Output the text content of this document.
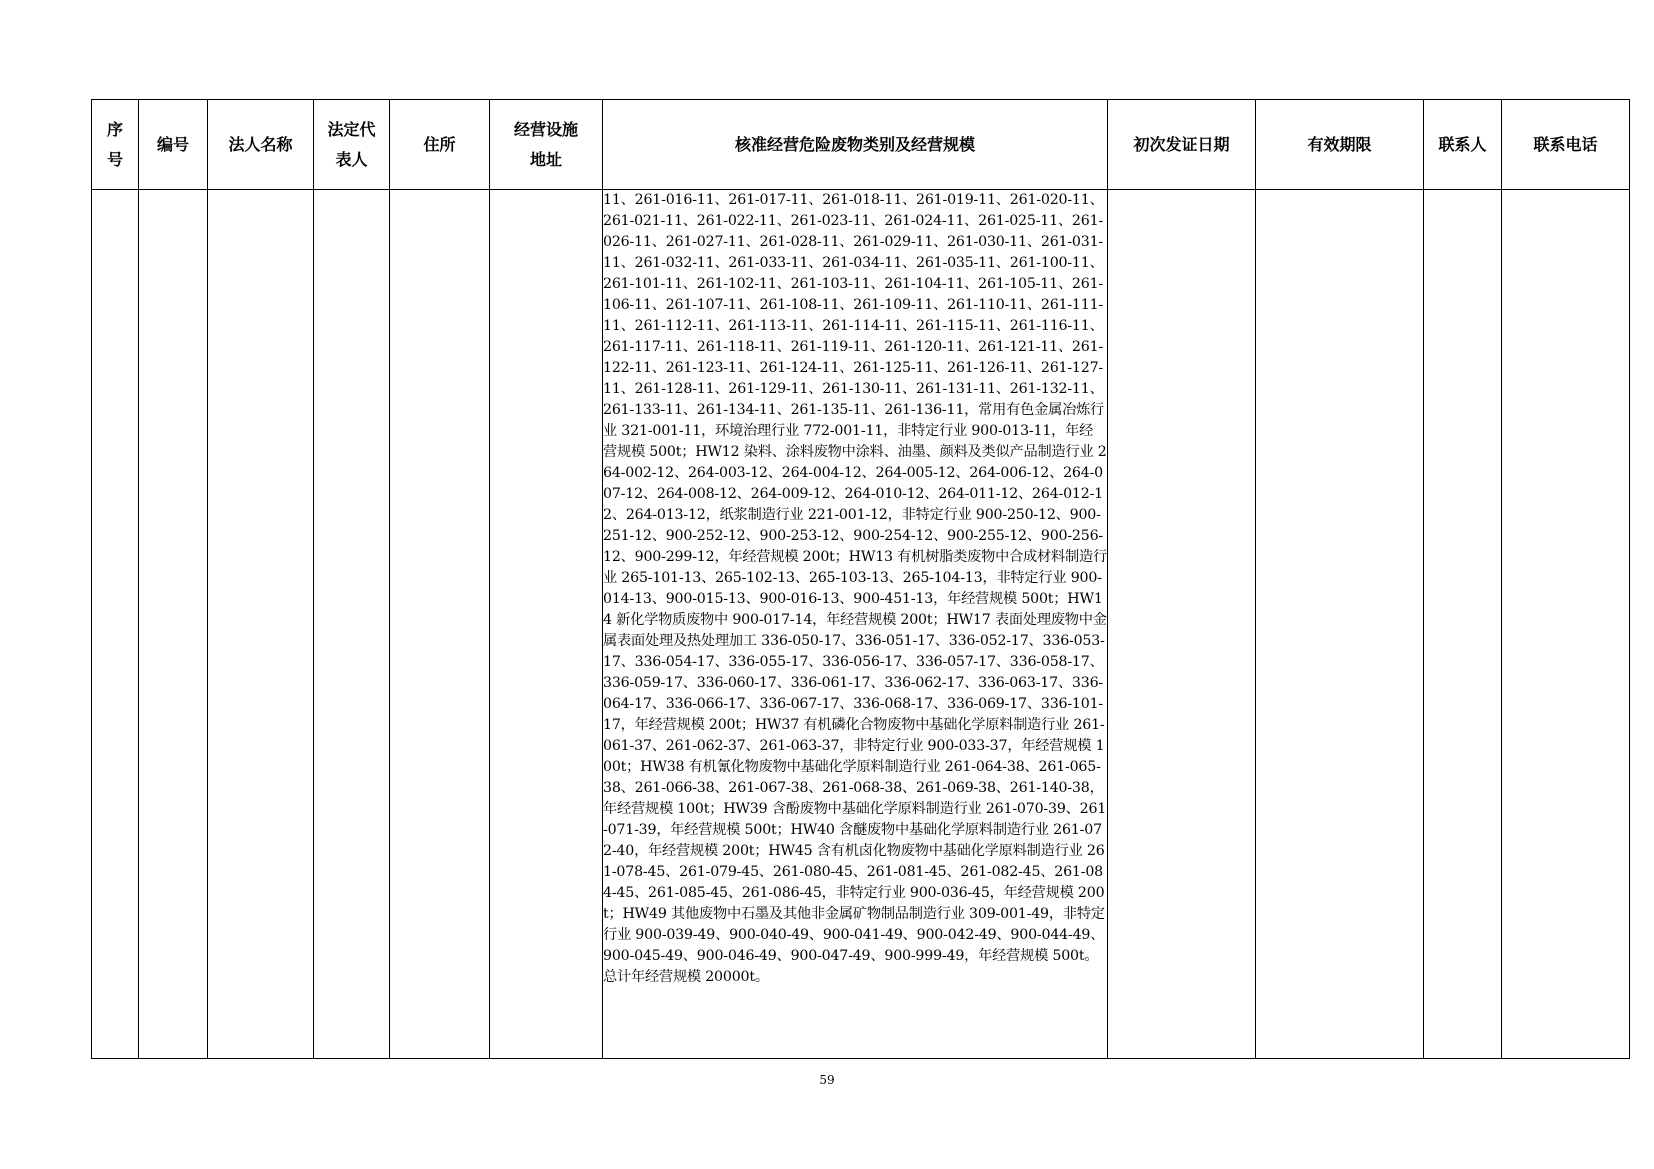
序号	编号	法人名称	法定代表人	住所	经营设施地址	核准经营危险废物类别及经营规模	初次发证日期	有效期限	联系人	联系电话

						11、261-016-11、261-017-11、261-018-11、261-019-11、261-020-11、261-021-11、261-022-11、261-023-11、261-024-11、261-025-11、261-026-11、261-027-11、261-028-11、261-029-11、261-030-11、261-031-11、261-032-11、261-033-11、261-034-11、261-035-11、261-100-11、261-101-11、261-102-11、261-103-11、261-104-11、261-105-11、261-106-11、261-107-11、261-108-11、261-109-11、261-110-11、261-111-11、261-112-11、261-113-11、261-114-11、261-115-11、261-116-11、261-117-11、261-118-11、261-119-11、261-120-11、261-121-11、261-122-11、261-123-11、261-124-11、261-125-11、261-126-11、261-127-11、261-128-11、261-129-11、261-130-11、261-131-11、261-132-11、261-133-11、261-134-11、261-135-11、261-136-11，常用有色金属冶炼行业 321-001-11，环境治理行业 772-001-11，非特定行业 900-013-11，年经营规模 500t；HW12 染料、涂料废物中涂料、油墨、颜料及类似产品制造行业 264-002-12、264-003-12、264-004-12、264-005-12、264-006-12、264-007-12、264-008-12、264-009-12、264-010-12、264-011-12、264-012-12、264-013-12，纸浆制造行业 221-001-12，非特定行业 900-250-12、900-251-12、900-252-12、900-253-12、900-254-12、900-255-12、900-256-12、900-299-12，年经营规模 200t；HW13 有机树脂类废物中合成材料制造行业 265-101-13、265-102-13、265-103-13、265-104-13，非特定行业 900-014-13、900-015-13、900-016-13、900-451-13，年经营规模 500t；HW14 新化学物质废物中 900-017-14，年经营规模 200t；HW17 表面处理废物中金属表面处理及热处理加工 336-050-17、336-051-17、336-052-17、336-053-17、336-054-17、336-055-17、336-056-17、336-057-17、336-058-17、336-059-17、336-060-17、336-061-17、336-062-17、336-063-17、336-064-17、336-066-17、336-067-17、336-068-17、336-069-17、336-101-17，年经营规模 200t；HW37 有机磷化合物废物中基础化学原料制造行业 261-061-37、261-062-37、261-063-37，非特定行业 900-033-37，年经营规模 100t；HW38 有机氰化物废物中基础化学原料制造行业 261-064-38、261-065-38、261-066-38、261-067-38、261-068-38、261-069-38、261-140-38，年经营规模 100t；HW39 含酚废物中基础化学原料制造行业 261-070-39、261-071-39，年经营规模 500t；HW40 含醚废物中基础化学原料制造行业 261-072-40，年经营规模 200t；HW45 含有机卤化物废物中基础化学原料制造行业 261-078-45、261-079-45、261-080-45、261-081-45、261-082-45、261-084-45、261-085-45、261-086-45，非特定行业 900-036-45，年经营规模 200t；HW49 其他废物中石墨及其他非金属矿物制品制造行业 309-001-49，非特定行业 900-039-49、900-040-49、900-041-49、900-042-49、900-044-49、900-045-49、900-046-49、900-047-49、900-999-49，年经营规模 500t。总计年经营规模 20000t。				

59
